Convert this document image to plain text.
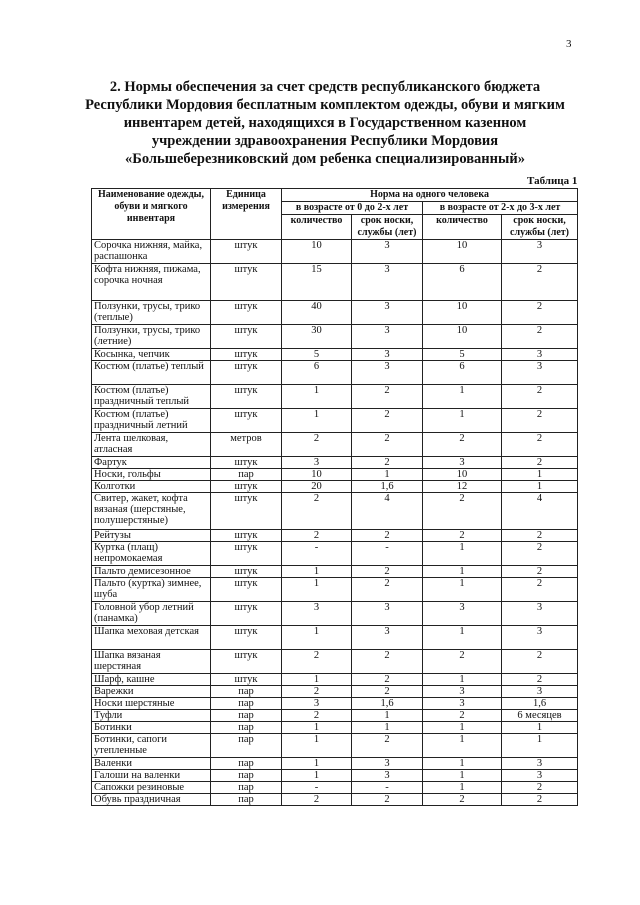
3
2. Нормы обеспечения за счет средств республиканского бюджета
Республики Мордовия бесплатным комплектом одежды, обуви и мягким
инвентарем детей, находящихся в Государственном казенном
учреждении здравоохранения Республики Мордовия
«Большеберезниковский дом ребенка специализированный»
Таблица 1
Наименование одежды, обуви и мягкого инвентаря	Единица измерения	Норма на одного человека			
		в возрасте от 0 до 2-х лет		в возрасте от 2-х до 3-х лет	
		количество	срок носки, службы (лет)	количество	срок носки, службы (лет)
Сорочка нижняя, майка, распашонка	штук	10	3	10	3
Кофта нижняя, пижама, сорочка ночная	штук	15	3	6	2
Ползунки, трусы, трико (теплые)	штук	40	3	10	2
Ползунки, трусы, трико (летние)	штук	30	3	10	2
Косынка, чепчик	штук	5	3	5	3
Костюм (платье) теплый	штук	6	3	6	3
Костюм (платье) праздничный теплый	штук	1	2	1	2
Костюм (платье) праздничный летний	штук	1	2	1	2
Лента шелковая, атласная	метров	2	2	2	2
Фартук	штук	3	2	3	2
Носки, гольфы	пар	10	1	10	1
Колготки	штук	20	1,6	12	1
Свитер, жакет, кофта вязаная (шерстяные, полушерстяные)	штук	2	4	2	4
Рейтузы	штук	2	2	2	2
Куртка (плащ) непромокаемая	штук	-	-	1	2
Пальто демисезонное	штук	1	2	1	2
Пальто (куртка) зимнее, шуба	штук	1	2	1	2
Головной убор летний (панамка)	штук	3	3	3	3
Шапка меховая детская	штук	1	3	1	3
Шапка вязаная шерстяная	штук	2	2	2	2
Шарф, кашне	штук	1	2	1	2
Варежки	пар	2	2	3	3
Носки шерстяные	пар	3	1,6	3	1,6
Туфли	пар	2	1	2	6 месяцев
Ботинки	пар	1	1	1	1
Ботинки, сапоги утепленные	пар	1	2	1	1
Валенки	пар	1	3	1	3
Галоши на валенки	пар	1	3	1	3
Сапожки резиновые	пар	-	-	1	2
Обувь праздничная	пар	2	2	2	2
